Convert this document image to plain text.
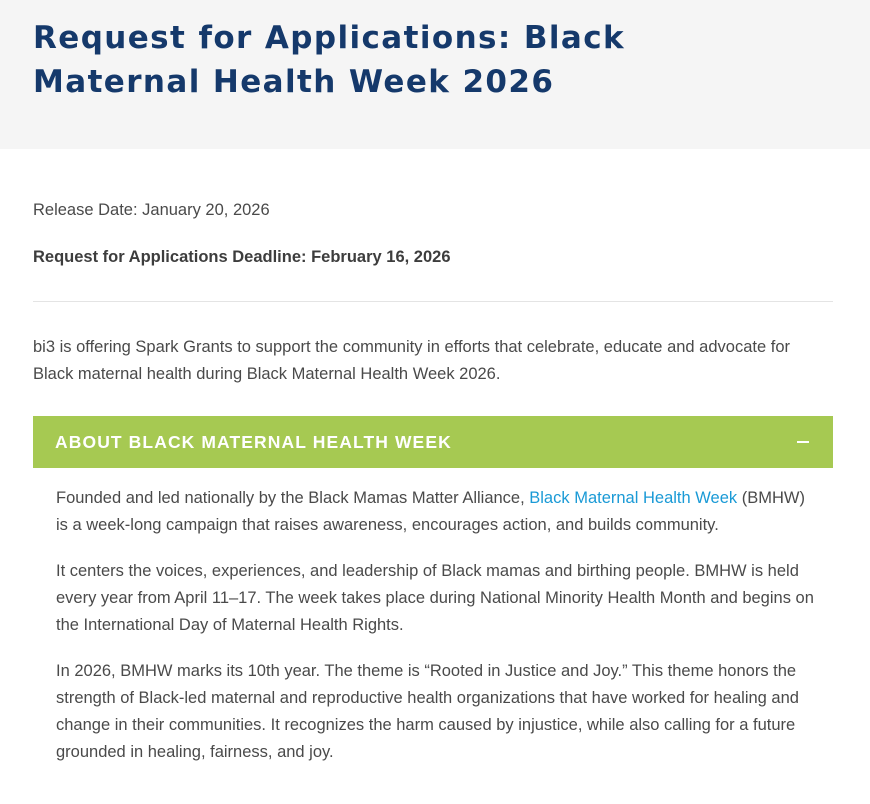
Request for Applications: Black Maternal Health Week 2026
Release Date: January 20, 2026
Request for Applications Deadline: February 16, 2026

bi3 is offering Spark Grants to support the community in efforts that celebrate, educate and advocate for Black maternal health during Black Maternal Health Week 2026.

ABOUT BLACK MATERNAL HEALTH WEEK

Founded and led nationally by the Black Mamas Matter Alliance, Black Maternal Health Week (BMHW) is a week-long campaign that raises awareness, encourages action, and builds community.

It centers the voices, experiences, and leadership of Black mamas and birthing people. BMHW is held every year from April 11–17. The week takes place during National Minority Health Month and begins on the International Day of Maternal Health Rights.

In 2026, BMHW marks its 10th year. The theme is “Rooted in Justice and Joy.” This theme honors the strength of Black-led maternal and reproductive health organizations that have worked for healing and change in their communities. It recognizes the harm caused by injustice, while also calling for a future grounded in healing, fairness, and joy.
